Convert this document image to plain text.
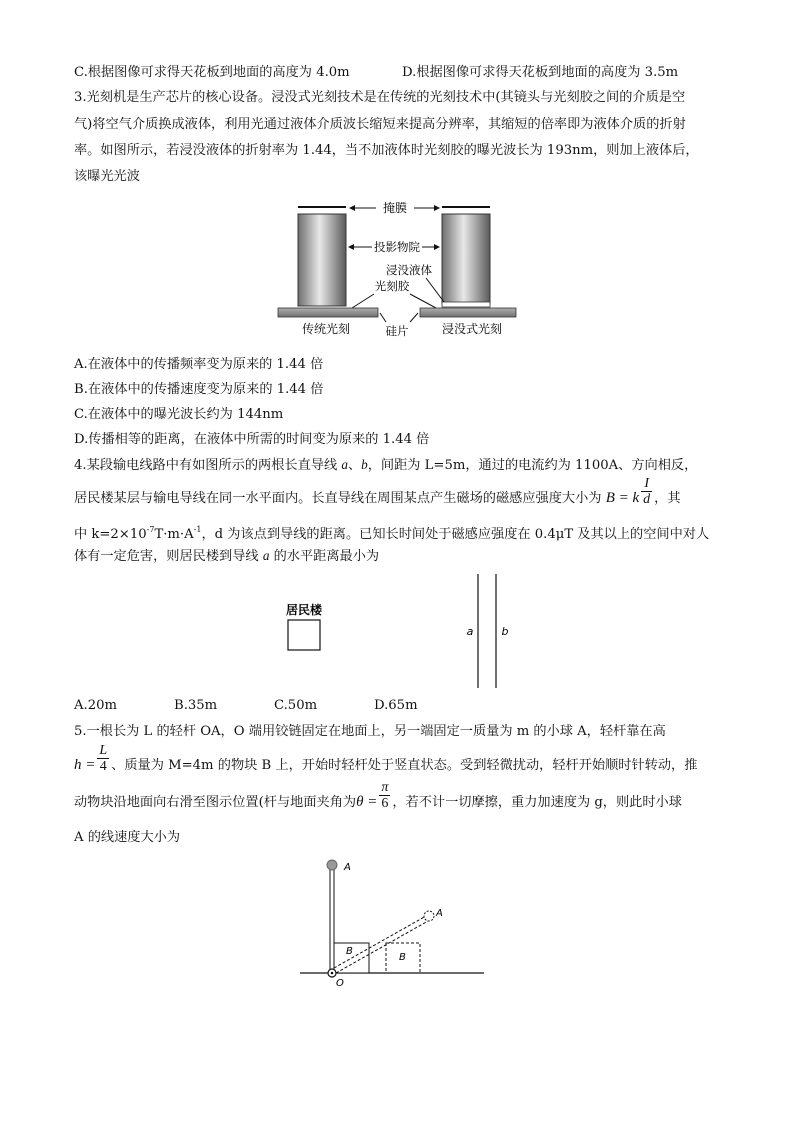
C.根据图像可求得天花板到地面的高度为 4.0m	D.根据图像可求得天花板到地面的高度为 3.5m
3.光刻机是生产芯片的核心设备。浸没式光刻技术是在传统的光刻技术中(其镜头与光刻胶之间的介质是空
气)将空气介质换成液体，利用光通过液体介质波长缩短来提高分辨率，其缩短的倍率即为液体介质的折射
率。如图所示，若浸没液体的折射率为 1.44，当不加液体时光刻胶的曝光波长为 193nm，则加上液体后，
该曝光光波
掩膜
投影物院
浸没液体
光刻胶
硅片
传统光刻	浸没式光刻
A.在液体中的传播频率变为原来的 1.44 倍
B.在液体中的传播速度变为原来的 1.44 倍
C.在液体中的曝光波长约为 144nm
D.传播相等的距离，在液体中所需的时间变为原来的 1.44 倍
4.某段输电线路中有如图所示的两根长直导线 a、b，间距为 L=5m，通过的电流约为 1100A、方向相反，
居民楼某层与输电导线在同一水平面内。长直导线在周围某点产生磁场的磁感应强度大小为 B = k $\frac{I}{d}$ ，其
中 $k=2\times 10^{-7}T\cdot m\cdot A^{-1}$，d 为该点到导线的距离。已知长时间处于磁感应强度在 0.4μT 及其以上的空间中对人
体有一定危害，则居民楼到导线 a 的水平距离最小为
居民楼
a	b
A.20m	B.35m	C.50m	D.65m
5.一根长为 L 的轻杆 OA，O 端用铰链固定在地面上，另一端固定一质量为 m 的小球 A，轻杆靠在高
$h = \frac{L}{4}$ 、质量为 M=4m 的物块 B 上，开始时轻杆处于竖直状态。受到轻微扰动，轻杆开始顺时针转动，推
动物块沿地面向右滑至图示位置(杆与地面夹角为$\theta = \frac{\pi}{6}$ ，若不计一切摩擦，重力加速度为 g，则此时小球
A 的线速度大小为
A
B
B
A
O
